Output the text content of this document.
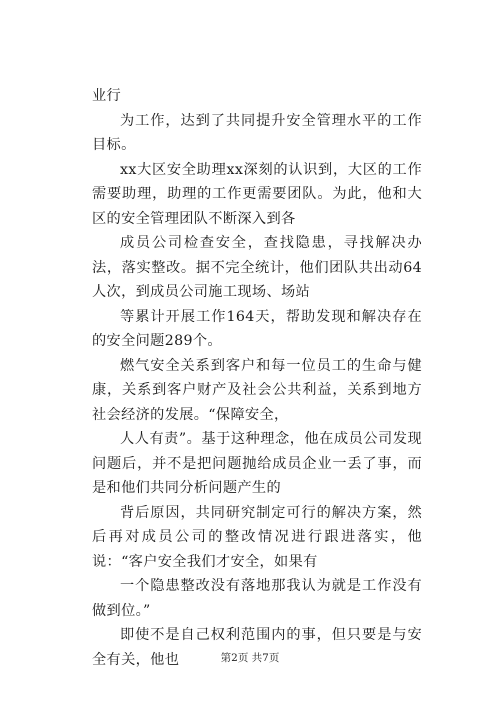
业行

为工作，达到了共同提升安全管理水平的工作目标。

xx大区安全助理xx深刻的认识到，大区的工作需要助理，助理的工作更需要团队。为此，他和大区的安全管理团队不断深入到各

成员公司检查安全，查找隐患，寻找解决办法，落实整改。据不完全统计，他们团队共出动64人次，到成员公司施工现场、场站

等累计开展工作164天，帮助发现和解决存在的安全问题289个。

燃气安全关系到客户和每一位员工的生命与健康，关系到客户财产及社会公共利益，关系到地方社会经济的发展。“保障安全，

人人有责”。基于这种理念，他在成员公司发现问题后，并不是把问题抛给成员企业一丢了事，而是和他们共同分析问题产生的

背后原因，共同研究制定可行的解决方案，然后再对成员公司的整改情况进行跟进落实，他说：“客户安全我们才安全，如果有

一个隐患整改没有落地那我认为就是工作没有做到位。”

即使不是自己权利范围内的事，但只要是与安全有关，他也	第2页 共7页
